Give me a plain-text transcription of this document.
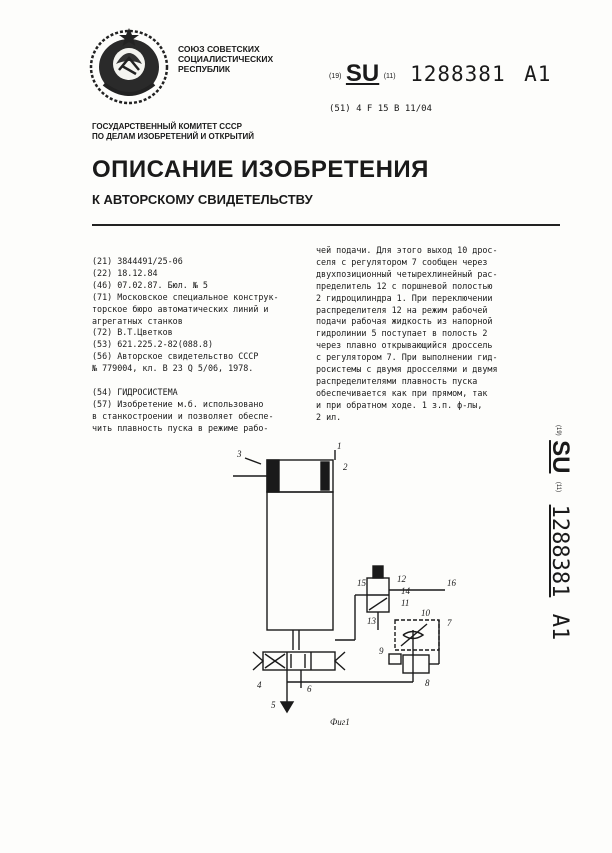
СОЮЗ СОВЕТСКИХ
СОЦИАЛИСТИЧЕСКИХ
РЕСПУБЛИК
(19) SU (11) 1288381 A1
(51) 4 F 15 B 11/04
ГОСУДАРСТВЕННЫЙ КОМИТЕТ СССР
ПО ДЕЛАМ ИЗОБРЕТЕНИЙ И ОТКРЫТИЙ
ОПИСАНИЕ ИЗОБРЕТЕНИЯ
К АВТОРСКОМУ СВИДЕТЕЛЬСТВУ
(21) 3844491/25-06
(22) 18.12.84
(46) 07.02.87. Бюл. № 5
(71) Московское специальное конструк-
торское бюро автоматических линий и
агрегатных станков
(72) В.Т.Цветков
(53) 621.225.2-82(088.8)
(56) Авторское свидетельство СССР
№ 779004, кл. В 23 Q 5/06, 1978.
(54) ГИДРОСИСТЕМА
(57) Изобретение м.б. использовано
в станкостроении и позволяет обеспе-
чить плавность пуска в режиме рабо-
чей подачи. Для этого выход 10 дрос-
селя с регулятором 7 сообщен через
двухпозиционный четырехлинейный рас-
пределитель 12 с поршневой полостью
2 гидроцилиндра 1. При переключении
распределителя 12 на режим рабочей
подачи рабочая жидкость из напорной
гидролинии 5 поступает в полость 2
через плавно открывающийся дроссель
с регулятором 7. При выполнении гид-
росистемы с двумя дросселями и двумя
распределителями плавность пуска
обеспечивается как при прямом, так
и при обратном ходе. 1 з.п. ф-лы,
2 ил.
$^{(19)}$ SU $^{(11)}$ 1288381 A1
1
2
3
4
5
6
7
8
9
10
11
12
13
14
15	16
Фиг1
